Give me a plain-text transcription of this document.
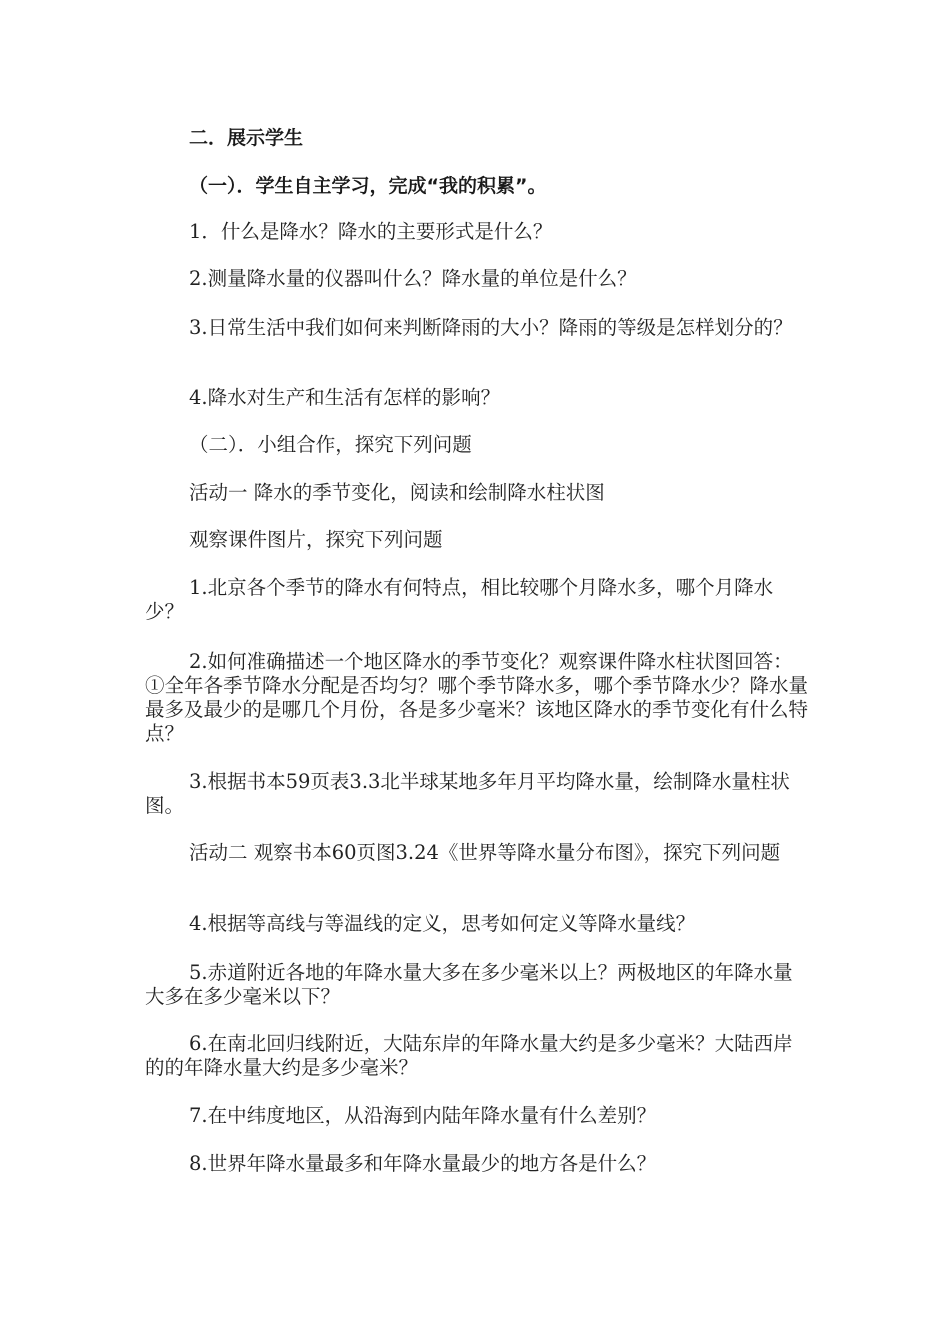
二．展示学生

（一）．学生自主学习，完成“我的积累”。

1．什么是降水？降水的主要形式是什么？

2.测量降水量的仪器叫什么？降水量的单位是什么？

3.日常生活中我们如何来判断降雨的大小？降雨的等级是怎样划分的？

4.降水对生产和生活有怎样的影响？

（二）．小组合作，探究下列问题

活动一 降水的季节变化，阅读和绘制降水柱状图

观察课件图片，探究下列问题

1.北京各个季节的降水有何特点，相比较哪个月降水多，哪个月降水少？

2.如何准确描述一个地区降水的季节变化？观察课件降水柱状图回答：①全年各季节降水分配是否均匀？哪个季节降水多，哪个季节降水少？降水量最多及最少的是哪几个月份，各是多少毫米？该地区降水的季节变化有什么特点？

3.根据书本59页表3.3北半球某地多年月平均降水量，绘制降水量柱状图。

活动二 观察书本60页图3.24《世界等降水量分布图》，探究下列问题

4.根据等高线与等温线的定义，思考如何定义等降水量线？

5.赤道附近各地的年降水量大多在多少毫米以上？两极地区的年降水量大多在多少毫米以下？

6.在南北回归线附近，大陆东岸的年降水量大约是多少毫米？大陆西岸的的年降水量大约是多少毫米？

7.在中纬度地区，从沿海到内陆年降水量有什么差别？

8.世界年降水量最多和年降水量最少的地方各是什么？
